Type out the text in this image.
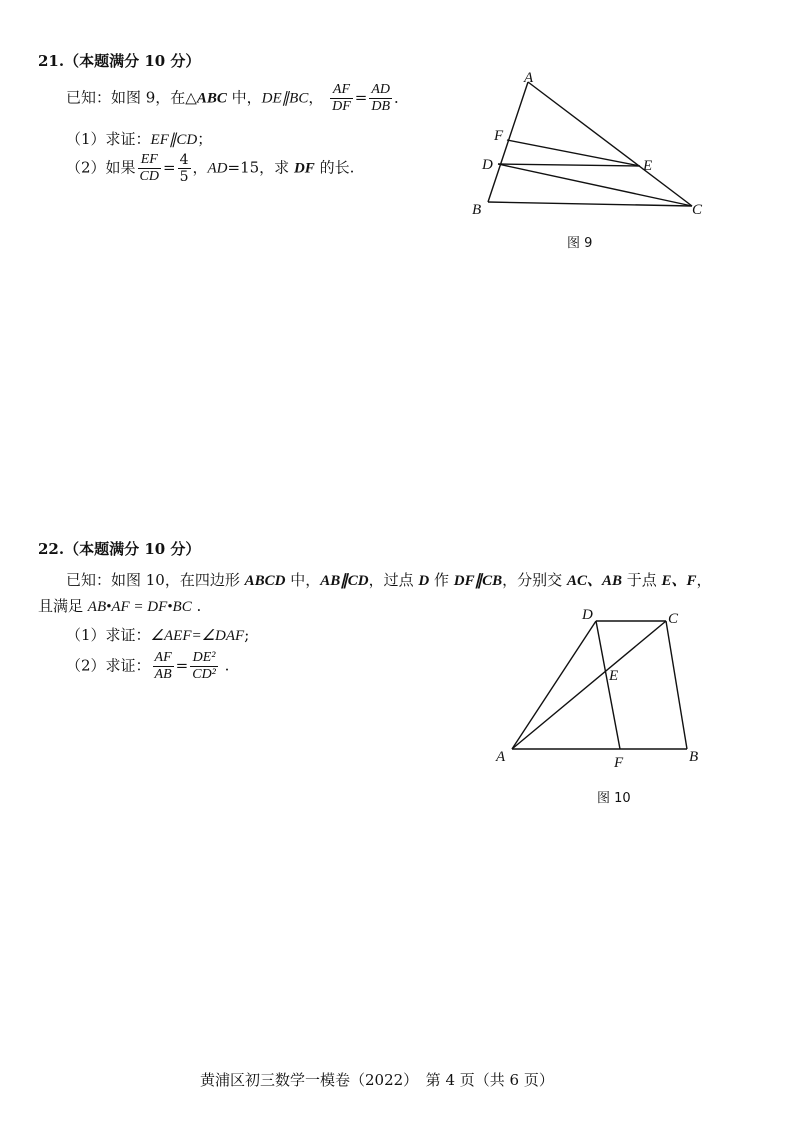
21.（本题满分 10 分）
已知：如图 9，在△ABC 中，DE∥BC， $\frac{AF}{DF} = \frac{AD}{DB}$ ．
（1）求证：EF∥CD；
（2）如果 $\frac{EF}{CD} = \frac{4}{5}$ ，AD=15，求 DF 的长.
A
F
D	E
B	C
图 9
22.（本题满分 10 分）
已知：如图 10，在四边形 ABCD 中，AB∥CD，过点 D 作 DF∥CB，分别交 AC、AB 于点 E、F，
且满足 AB•AF = DF•BC .
（1）求证：∠AEF=∠DAF;
（2）求证： $\frac{AF}{AB} = \frac{\text{DE²}}{\text{CD²}}$ .
D	C
E
A	F	B
图 10
黄浦区初三数学一模卷（2022）　第 4 页（共 6 页）
